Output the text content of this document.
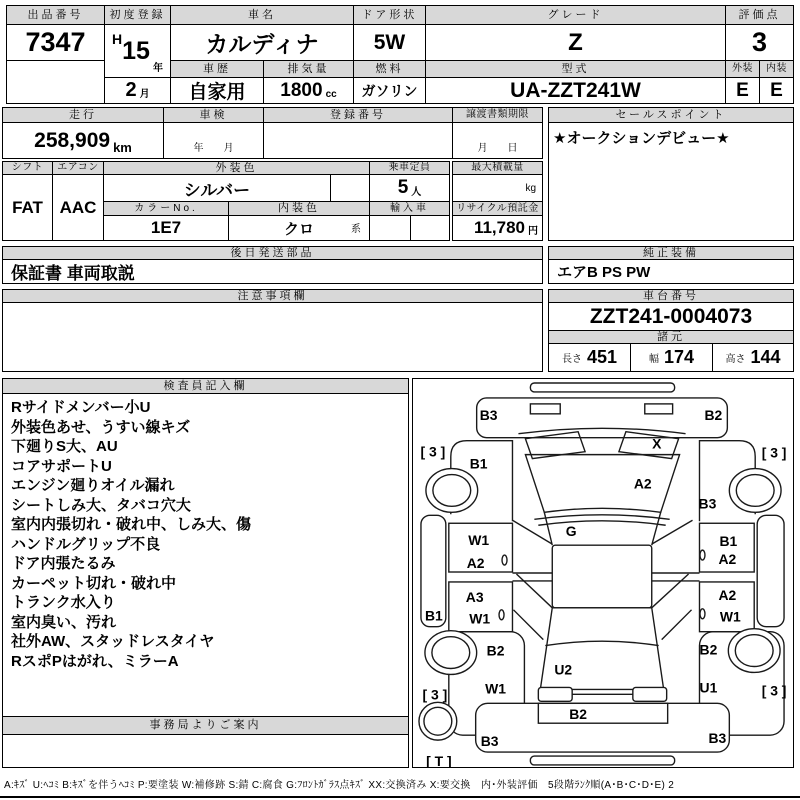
出品番号
7347
初度登録
H 15
年
2 月
車名
カルディナ
ドア形状
5W
グレード
Z
評価点
3
車歴
自家用
排気量
1800 cc
燃料
ガソリン
型式
UA-ZZT241W
外装	内装
E	E
走行
258,909 km
車検
年　　月
登録番号	譲渡書類期限
月　　日
セールスポイント
★オークションデビュー★
シフト	エアコン
FAT AAC
外装色
シルバー
乗車定員
5 人
最大積載量
kg
カラーNo.
1E7
内装色
クロ	系
輸入車	リサイクル預託金
11,780 円
後日発送部品
保証書 車両取説
純正装備
エアB PS PW
注意事項欄	車台番号
ZZT241-0004073
諸元
長さ 451	幅 174	高さ 144
検査員記入欄
Rサイドメンバー小U
外装色あせ、うすい線キズ
下廻りS大、AU
コアサポートU
エンジン廻りオイル漏れ
シートしみ大、タバコ穴大
室内内張切れ・破れ中、しみ大、傷
ハンドルグリップ不良
ドア内張たるみ
カーペット切れ・破れ中
トランク水入り
室内臭い、汚れ
社外AW、スタッドレスタイヤ
RスポPはがれ、ミラーA
事務局よりご案内
B3	B2
X
A2
B1
B3
G
[ 3 ]	[ 3 ]
W1
A2
A3
W1
B1
B1
A2
A2
W1
B2
W1
B2
U1
U2
B2
B3	B3
[ 3 ]	[ 3 ]
[ T ]
A:ｷｽﾞ U:ﾍｺﾐ B:ｷｽﾞを伴うﾍｺﾐ P:要塗装 W:補修跡 S:錆 C:腐食 G:ﾌﾛﾝﾄｶﾞﾗｽ点ｷｽﾞ XX:交換済み X:要交換　内･外装評価　5段階ﾗﾝｸ順(A･B･C･D･E) 2
